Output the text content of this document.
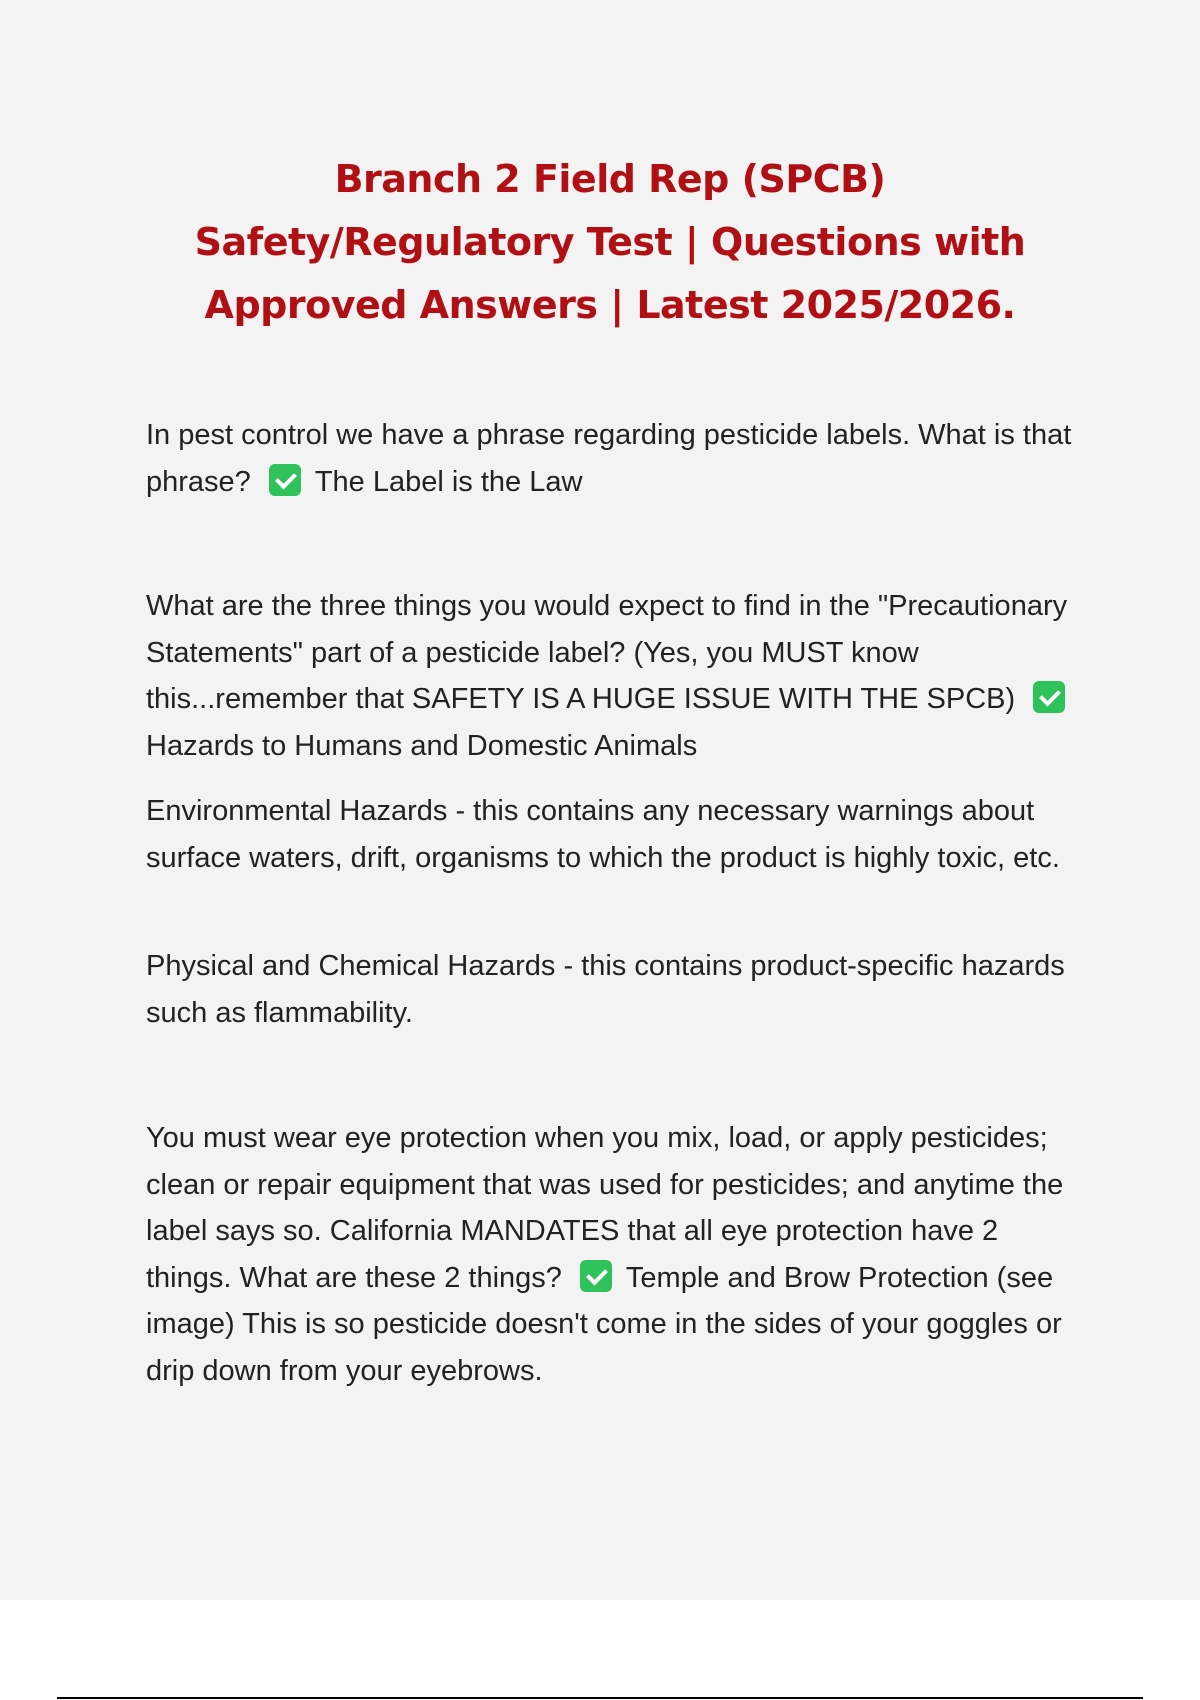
Branch 2 Field Rep (SPCB) Safety/Regulatory Test | Questions with Approved Answers | Latest 2025/2026.

In pest control we have a phrase regarding pesticide labels. What is that phrase? The Label is the Law

What are the three things you would expect to find in the "Precautionary Statements" part of a pesticide label? (Yes, you MUST know this...remember that SAFETY IS A HUGE ISSUE WITH THE SPCB)Hazards to Humans and Domestic Animals

Environmental Hazards - this contains any necessary warnings about surface waters, drift, organisms to which the product is highly toxic, etc.

Physical and Chemical Hazards - this contains product-specific hazards such as flammability.

You must wear eye protection when you mix, load, or apply pesticides; clean or repair equipment that was used for pesticides; and anytime the label says so. California MANDATES that all eye protection have 2 things. What are these 2 things? Temple and Brow Protection (see image) This is so pesticide doesn't come in the sides of your goggles or drip down from your eyebrows.
